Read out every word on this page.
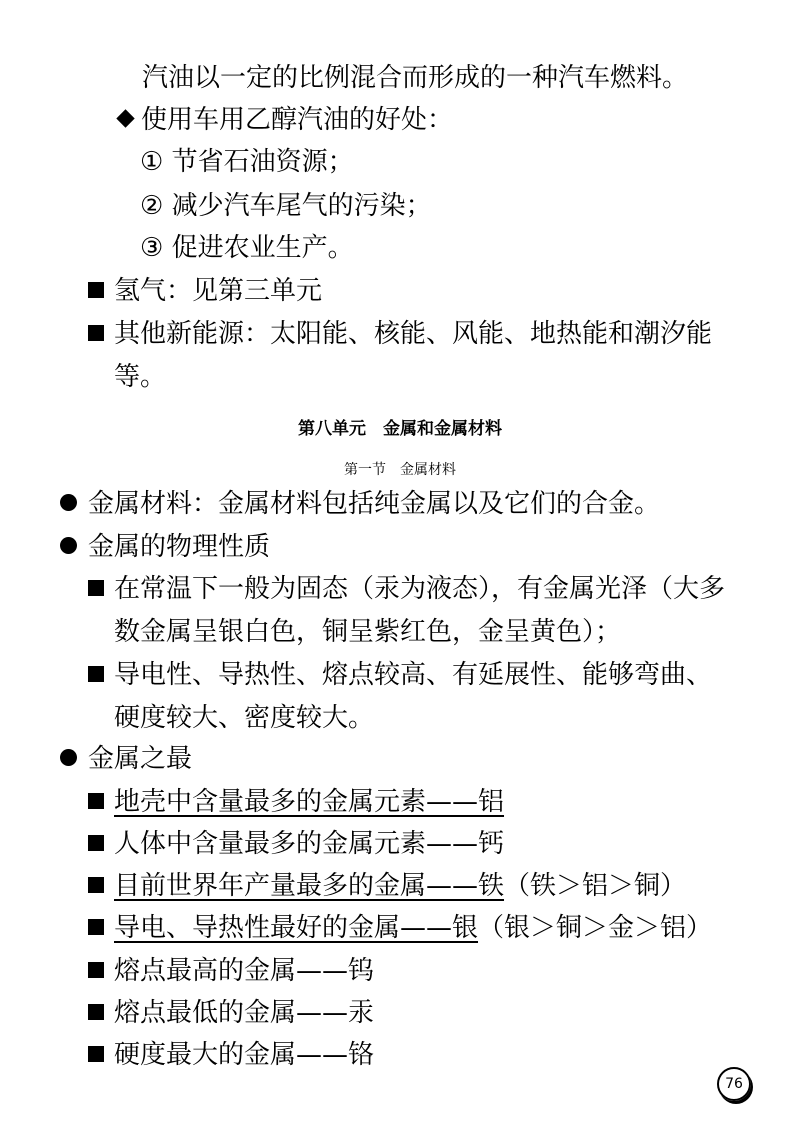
汽油以一定的比例混合而形成的一种汽车燃料。
使用车用乙醇汽油的好处：
① 节省石油资源；
② 减少汽车尾气的污染；
③ 促进农业生产。
氢气：见第三单元
其他新能源：太阳能、核能、风能、地热能和潮汐能
等。
第八单元　金属和金属材料
第一节　金属材料
金属材料：金属材料包括纯金属以及它们的合金。
金属的物理性质
在常温下一般为固态（汞为液态），有金属光泽（大多
数金属呈银白色，铜呈紫红色，金呈黄色）；
导电性、导热性、熔点较高、有延展性、能够弯曲、
硬度较大、密度较大。
金属之最
地壳中含量最多的金属元素——铝
人体中含量最多的金属元素——钙
目前世界年产量最多的金属——铁（铁＞铝＞铜）
导电、导热性最好的金属——银（银＞铜＞金＞铝）
熔点最高的金属——钨
熔点最低的金属——汞
硬度最大的金属——铬
76
